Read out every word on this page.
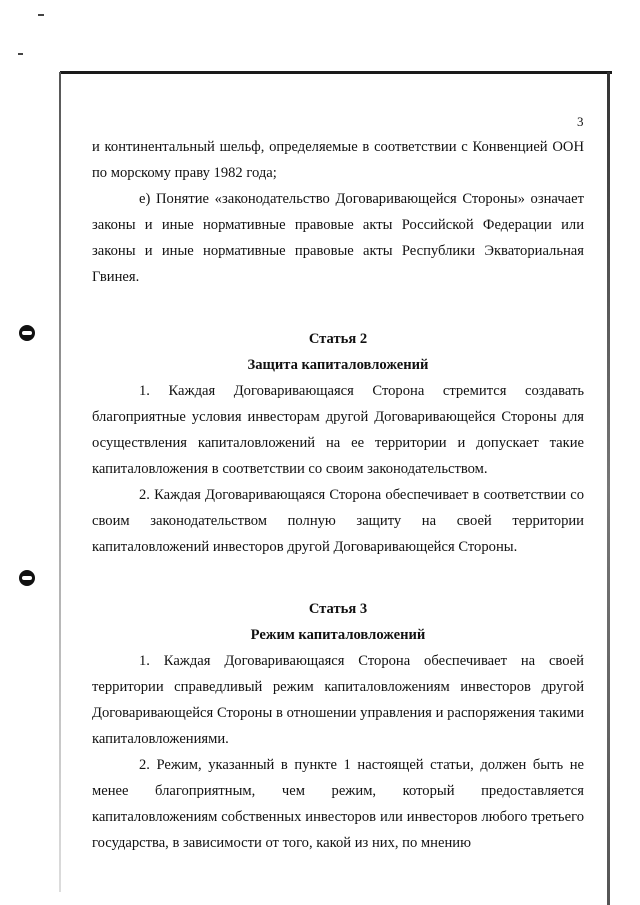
3

и континентальный шельф, определяемые в соответствии с Конвенцией ООН по морскому праву 1982 года;

е) Понятие «законодательство Договаривающейся Стороны» означает законы и иные нормативные правовые акты Российской Федерации или законы и иные нормативные правовые акты Республики Экваториальная Гвинея.

Статья 2

Защита капиталовложений

1. Каждая Договаривающаяся Сторона стремится создавать благоприятные условия инвесторам другой Договаривающейся Стороны для осуществления капиталовложений на ее территории и допускает такие капиталовложения в соответствии со своим законодательством.

2. Каждая Договаривающаяся Сторона обеспечивает в соответствии со своим законодательством полную защиту на своей территории капиталовложений инвесторов другой Договаривающейся Стороны.

Статья 3

Режим капиталовложений

1. Каждая Договаривающаяся Сторона обеспечивает на своей территории справедливый режим капиталовложениям инвесторов другой Договаривающейся Стороны в отношении управления и распоряжения такими капиталовложениями.

2. Режим, указанный в пункте 1 настоящей статьи, должен быть не менее благоприятным, чем режим, который предоставляется капиталовложениям собственных инвесторов или инвесторов любого третьего государства, в зависимости от того, какой из них, по мнению
